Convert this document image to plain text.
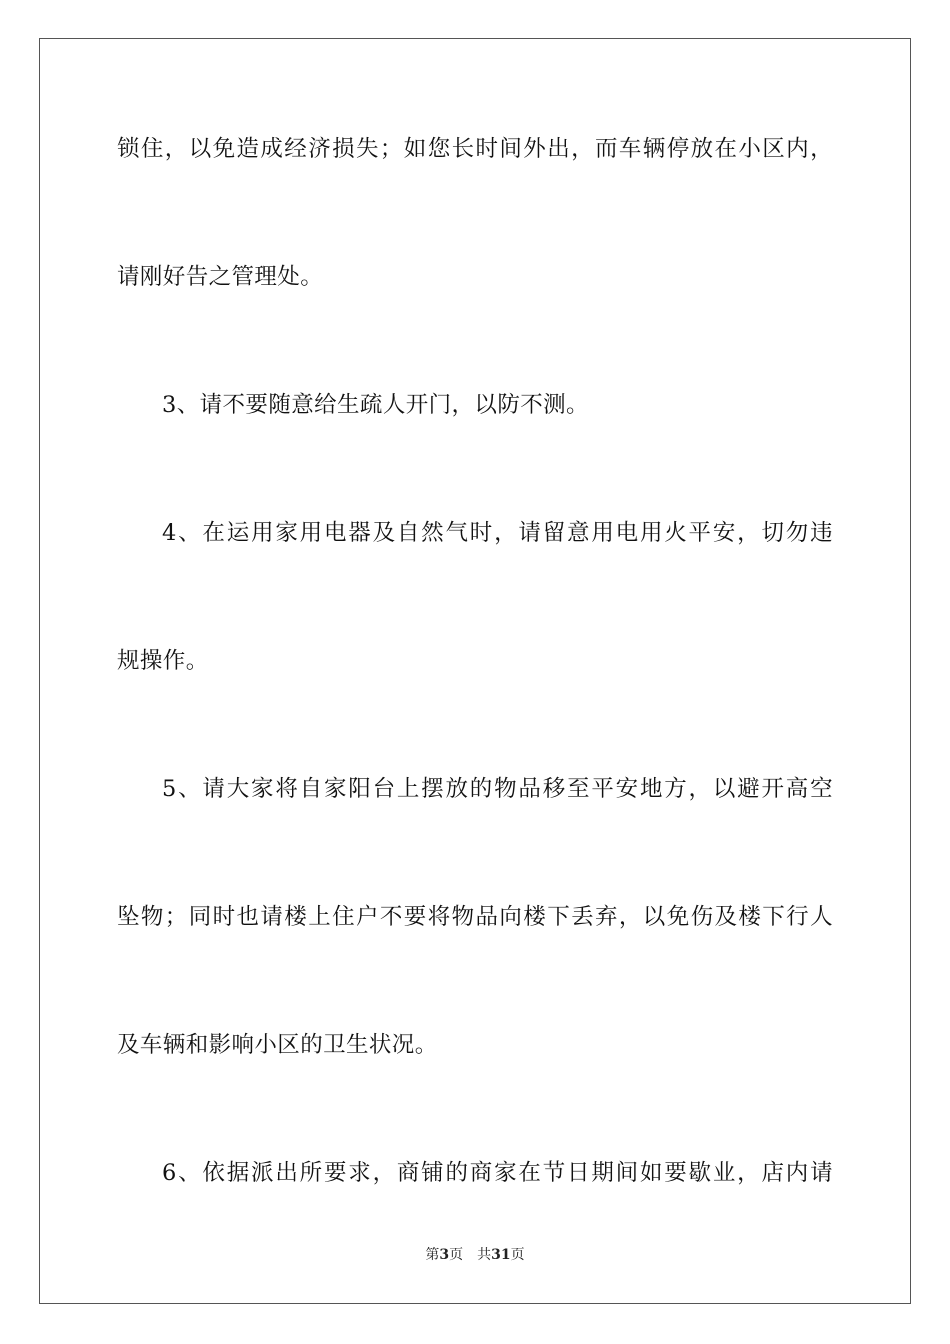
锁住，以免造成经济损失；如您长时间外出，而车辆停放在小区内，
请刚好告之管理处。
3、请不要随意给生疏人开门，以防不测。
4、在运用家用电器及自然气时，请留意用电用火平安，切勿违
规操作。
5、请大家将自家阳台上摆放的物品移至平安地方，以避开高空
坠物；同时也请楼上住户不要将物品向楼下丢弃，以免伤及楼下行人
及车辆和影响小区的卫生状况。
6、依据派出所要求，商铺的商家在节日期间如要歇业，店内请
第3页 共31页
